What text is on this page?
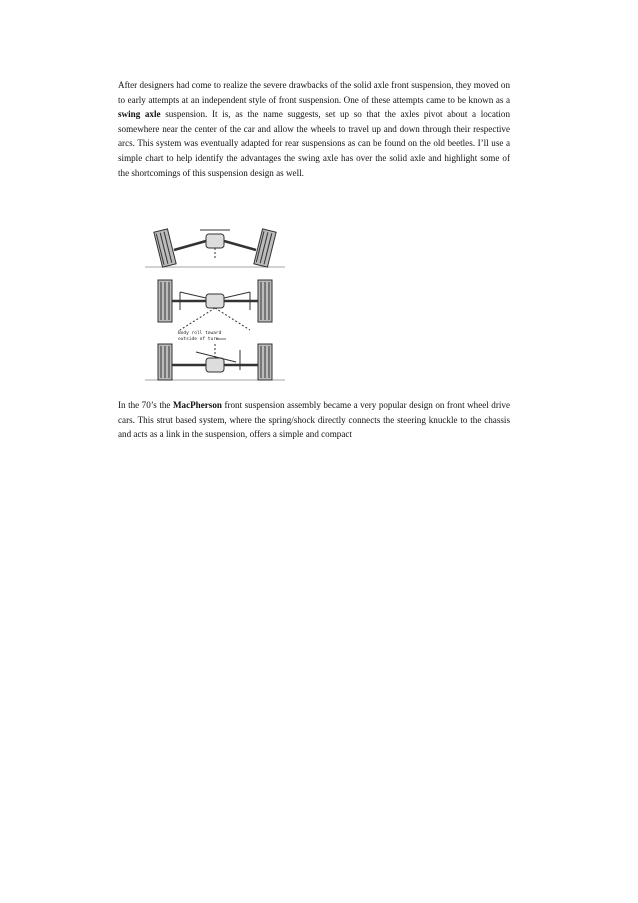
After designers had come to realize the severe drawbacks of the solid axle front suspension, they moved on to early attempts at an independent style of front suspension. One of these attempts came to be known as a swing axle suspension. It is, as the name suggests, set up so that the axles pivot about a location somewhere near the center of the car and allow the wheels to travel up and down through their respective arcs. This system was eventually adapted for rear suspensions as can be found on the old beetles. I’ll use a simple chart to help identify the advantages the swing axle has over the solid axle and highlight some of the shortcomings of this suspension design as well.

Body roll toward
outside of turn

In the 70’s the MacPherson front suspension assembly became a very popular design on front wheel drive cars. This strut based system, where the spring/shock directly connects the steering knuckle to the chassis and acts as a link in the suspension, offers a simple and compact
